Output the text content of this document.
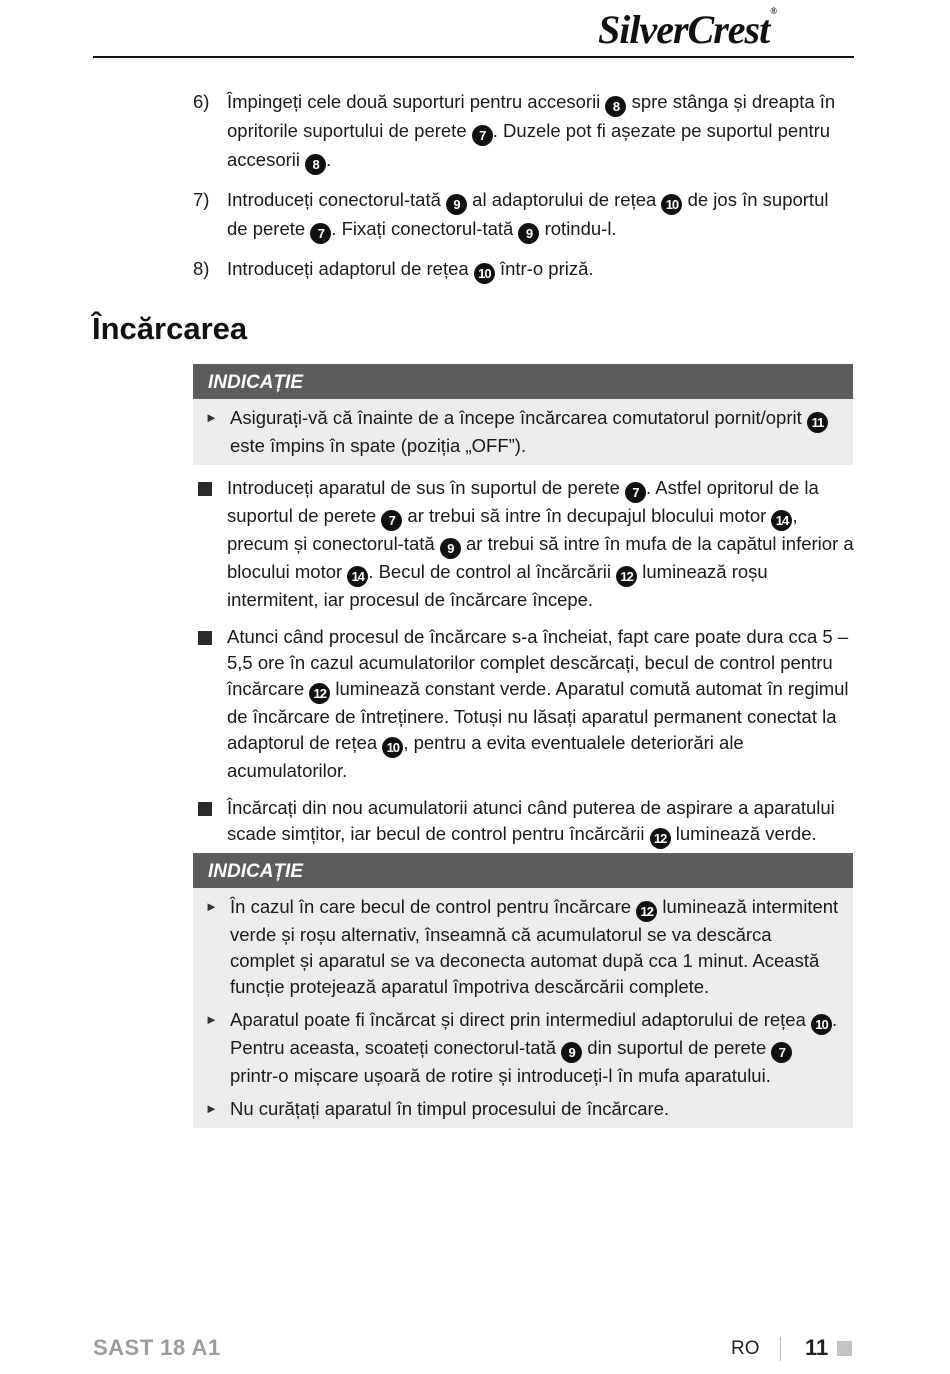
SilverCrest®
6) Împingeți cele două suporturi pentru accesorii 8 spre stânga și dreapta în opritorile suportului de perete 7 . Duzele pot fi așezate pe suportul pentru accesorii 8 .
7) Introduceți conectorul-tată 9 al adaptorului de rețea 10 de jos în suportul de perete 7 . Fixați conectorul-tată 9 rotindu-l.
8) Introduceți adaptorul de rețea 10 într-o priză.
Încărcarea
INDICAȚIE
► Asigurați-vă că înainte de a începe încărcarea comutatorul pornit/oprit 11 este împins în spate (poziția „OFF”).
Introduceți aparatul de sus în suportul de perete 7 . Astfel opritorul de la suportul de perete 7 ar trebui să intre în decupajul blocului motor 14 , precum și conectorul-tată 9 ar trebui să intre în mufa de la capătul inferior a blocului motor 14 . Becul de control al încărcării 12 luminează roșu intermitent, iar procesul de încărcare începe.
Atunci când procesul de încărcare s-a încheiat, fapt care poate dura cca 5 – 5,5 ore în cazul acumulatorilor complet descărcați, becul de control pentru încărcare 12 luminează constant verde. Aparatul comută automat în regimul de încărcare de întreținere. Totuși nu lăsați aparatul permanent conectat la adaptorul de rețea 10 , pentru a evita eventualele deteriorări ale acumulatorilor.
Încărcați din nou acumulatorii atunci când puterea de aspirare a aparatului scade simțitor, iar becul de control pentru încărcării 12 luminează verde.
INDICAȚIE
► În cazul în care becul de control pentru încărcare 12 luminează intermitent verde și roșu alternativ, înseamnă că acumulatorul se va descărca complet și aparatul se va deconecta automat după cca 1 minut. Această funcție protejează aparatul împotriva descărcării complete.
► Aparatul poate fi încărcat și direct prin intermediul adaptorului de rețea 10 . Pentru aceasta, scoateți conectorul-tată 9 din suportul de perete 7 printr-o mișcare ușoară de rotire și introduceți-l în mufa aparatului.
► Nu curățați aparatul în timpul procesului de încărcare.
SAST 18 A1	RO 11
